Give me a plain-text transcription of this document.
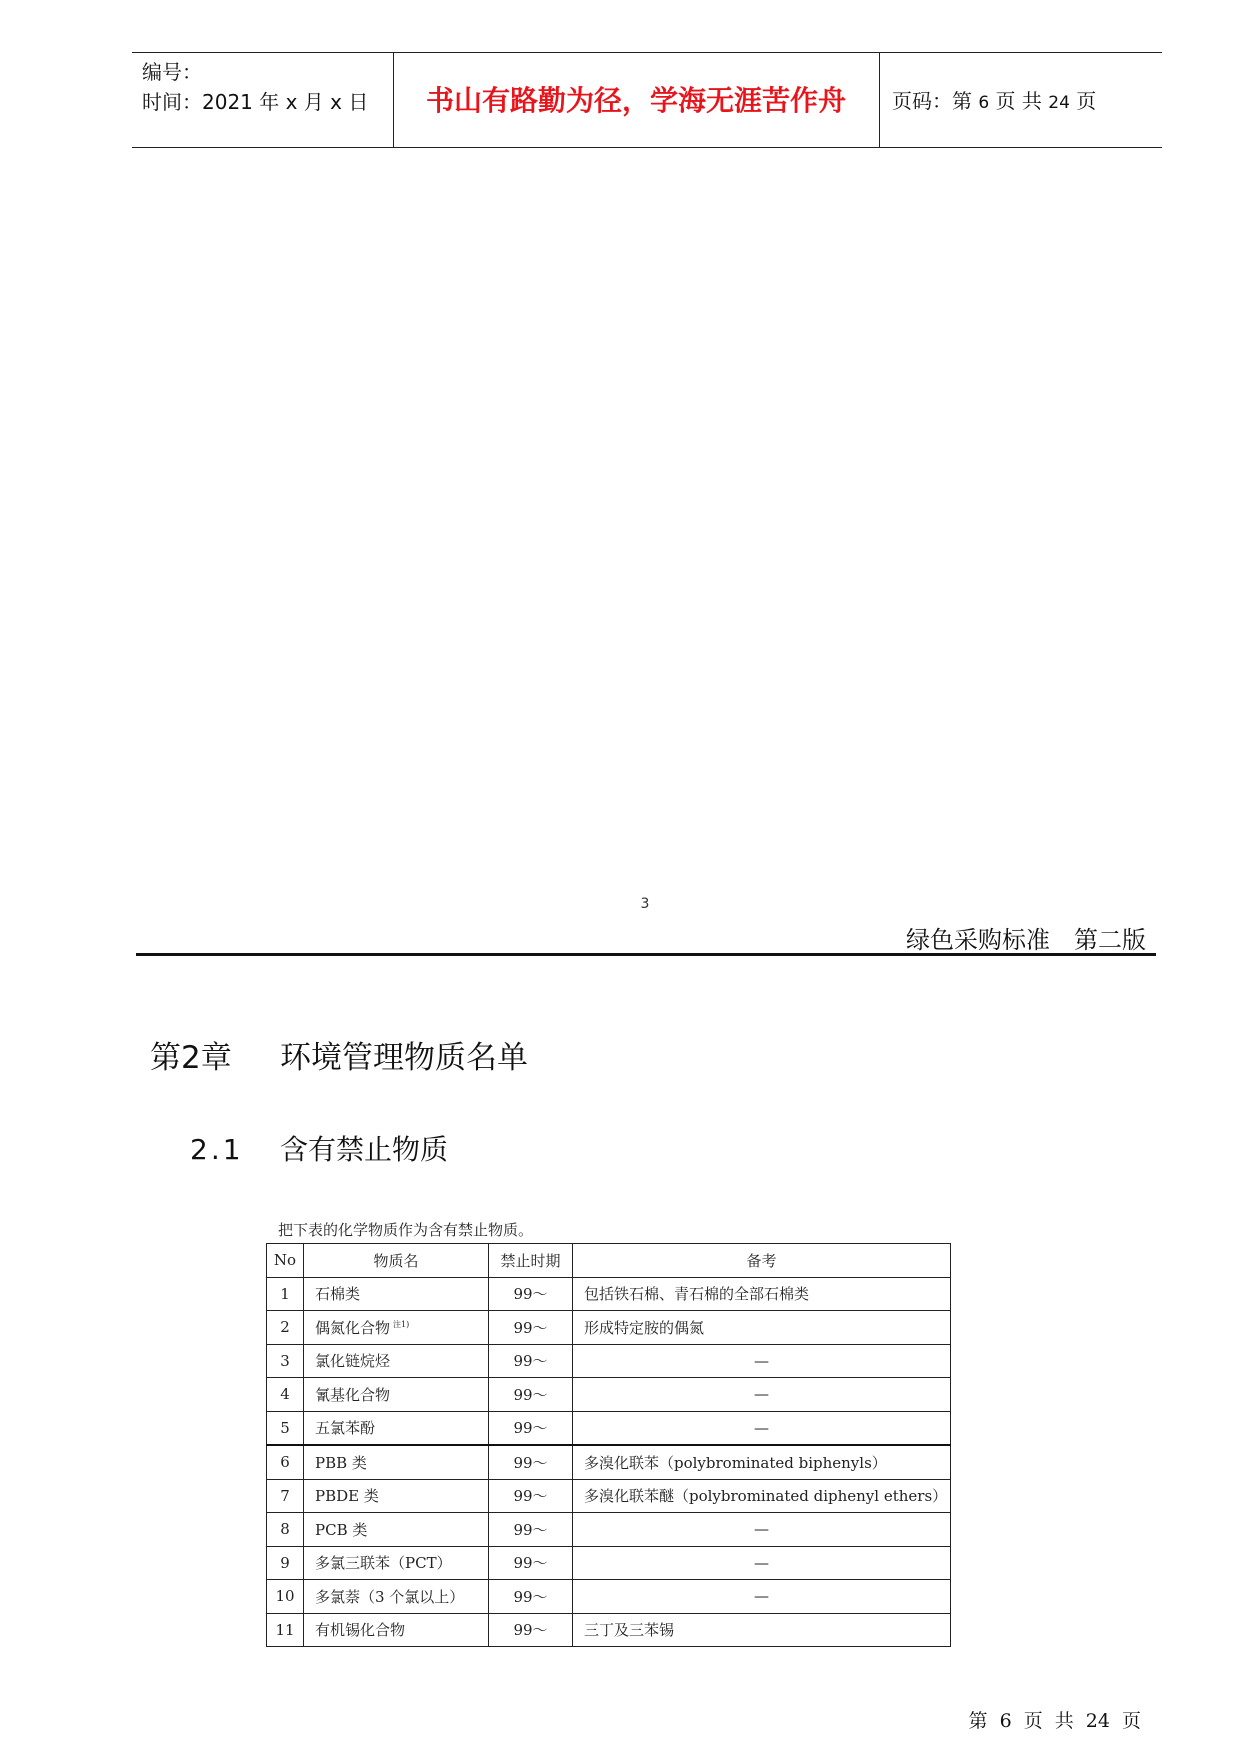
编号：
时间：2021 年 x 月 x 日	书山有路勤为径，学海无涯苦作舟	页码：第 6 页 共 24 页
3
绿色采购标准　第二版
第2章 环境管理物质名单
2.1 含有禁止物质
把下表的化学物质作为含有禁止物质。
No	物质名	禁止时期	备考
1	石棉类	99～	包括铁石棉、青石棉的全部石棉类
2	偶氮化合物 $^{注1)}$	99～	形成特定胺的偶氮
3	氯化链烷烃	99～	—
4	氰基化合物	99～	—
5	五氯苯酚	99～	—
6	PBB 类	99～	多溴化联苯（polybrominated biphenyls）
7	PBDE 类	99～	多溴化联苯醚（polybrominated diphenyl ethers）
8	PCB 类	99～	—
9	多氯三联苯（PCT）	99～	—
10	多氯萘（3 个氯以上）	99～	—
11	有机锡化合物	99～	三丁及三苯锡
第 6 页 共 24 页
